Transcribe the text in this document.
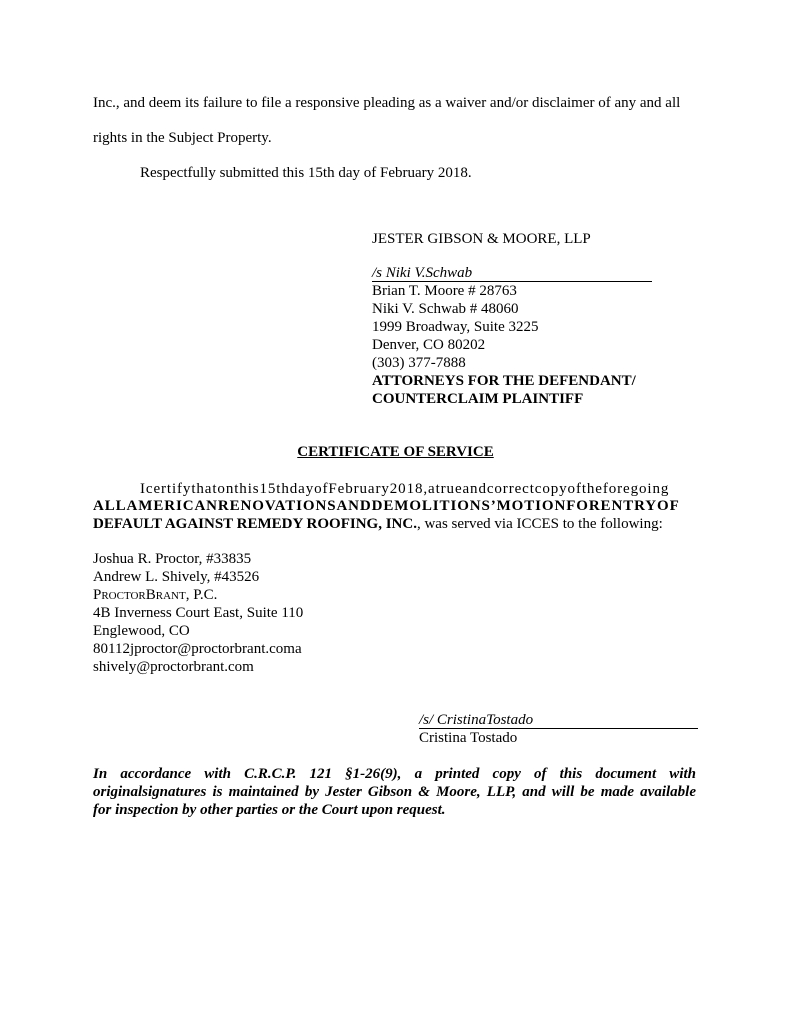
Inc., and deem its failure to file a responsive pleading as a waiver and/or disclaimer of any and all
rights in the Subject Property.
Respectfully submitted this 15th day of February 2018.
JESTER GIBSON & MOORE, LLP
/s Niki V.Schwab
Brian T. Moore # 28763
Niki V. Schwab # 48060
1999 Broadway, Suite 3225
Denver, CO 80202
(303) 377-7888
ATTORNEYS FOR THE DEFENDANT/
COUNTERCLAIM PLAINTIFF
CERTIFICATE OF SERVICE
Icertifythatonthis15thdayofFebruary2018,atrueandcorrectcopyoftheforegoing
ALLAMERICANRENOVATIONSANDDEMOLITIONS’MOTIONFORENTRYOF
DEFAULT AGAINST REMEDY ROOFING, INC., was served via ICCES to the following:
Joshua R. Proctor, #33835
Andrew L. Shively, #43526
ProctorBrant, P.C.
4B Inverness Court East, Suite 110
Englewood, CO
80112jproctor@proctorbrant.coma
shively@proctorbrant.com
/s/ CristinaTostado
Cristina Tostado
In accordance with C.R.C.P. 121 §1-26(9), a printed copy of this document with
originalsignatures is maintained by Jester Gibson & Moore, LLP, and will be made available
for inspection by other parties or the Court upon request.
